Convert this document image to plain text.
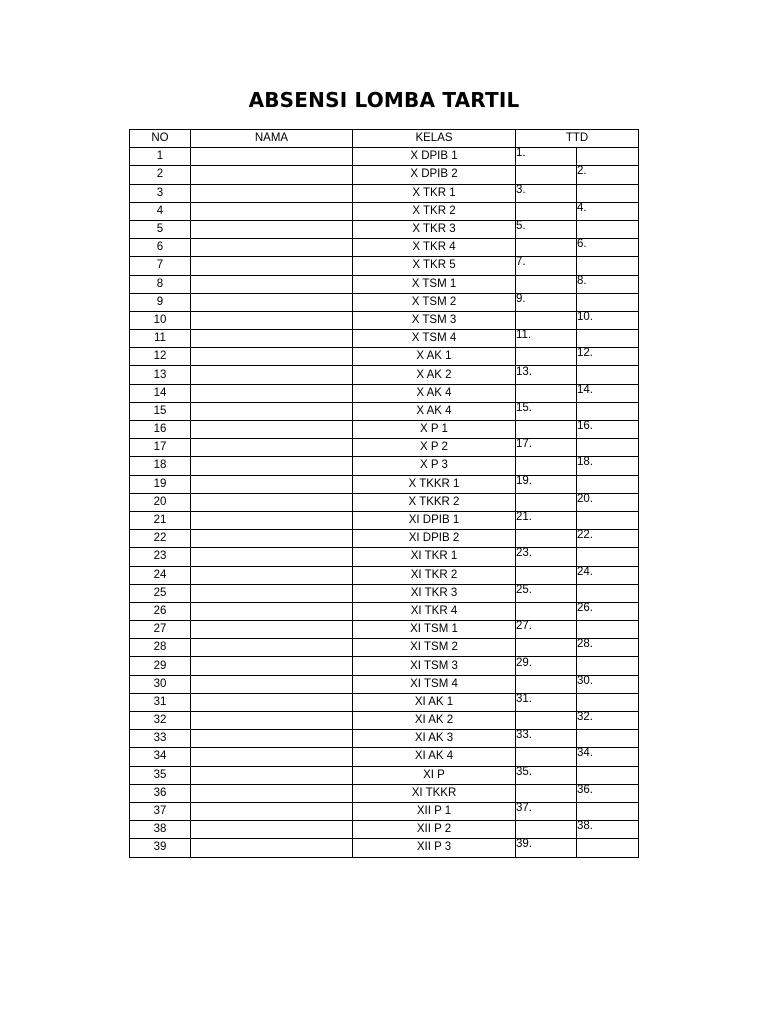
ABSENSI LOMBA TARTIL
NO	NAMA	KELAS	TTD	
1		X DPIB 1	1.	
2		X DPIB 2		2.
3		X TKR 1	3.	
4		X TKR 2		4.
5		X TKR 3	5.	
6		X TKR 4		6.
7		X TKR 5	7.	
8		X TSM 1		8.
9		X TSM 2	9.	
10		X TSM 3		10.
11		X TSM 4	11.	
12		X AK 1		12.
13		X AK 2	13.	
14		X AK 4		14.
15		X AK 4	15.	
16		X P 1		16.
17		X P 2	17.	
18		X P 3		18.
19		X TKKR 1	19.	
20		X TKKR 2		20.
21		XI DPIB 1	21.	
22		XI DPIB 2		22.
23		XI TKR 1	23.	
24		XI TKR 2		24.
25		XI TKR 3	25.	
26		XI TKR 4		26.
27		XI TSM 1	27.	
28		XI TSM 2		28.
29		XI TSM 3	29.	
30		XI TSM 4		30.
31		XI AK 1	31.	
32		XI AK 2		32.
33		XI AK 3	33.	
34		XI AK 4		34.
35		XI P	35.	
36		XI TKKR		36.
37		XII P 1	37.	
38		XII P 2		38.
39		XII P 3	39.	
